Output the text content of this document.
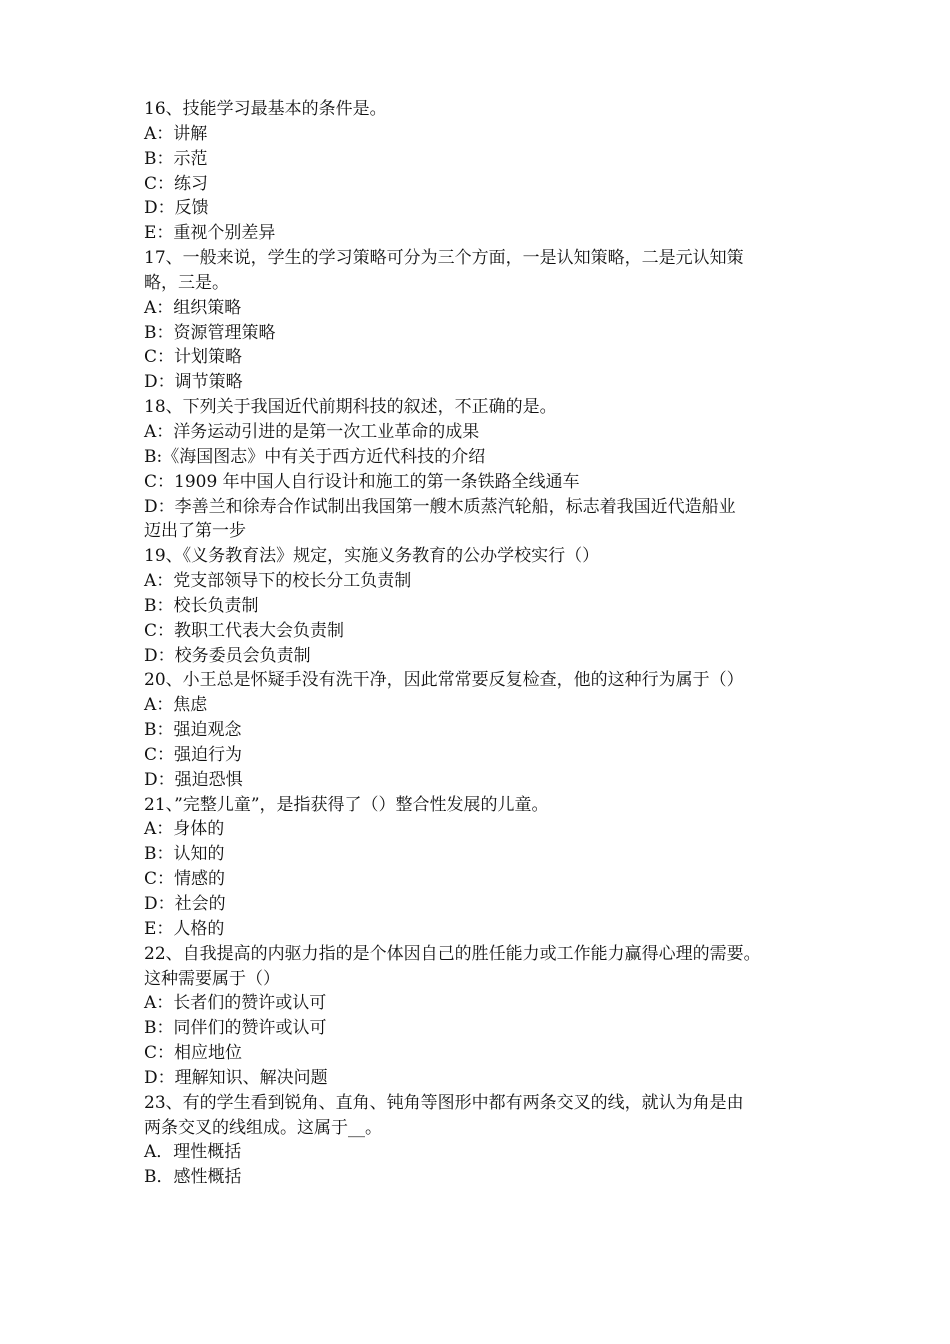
16、技能学习最基本的条件是。
A：讲解
B：示范
C：练习
D：反馈
E：重视个别差异
17、一般来说，学生的学习策略可分为三个方面，一是认知策略，二是元认知策
略，三是。
A：组织策略
B：资源管理策略
C：计划策略
D：调节策略
18、下列关于我国近代前期科技的叙述，不正确的是。
A：洋务运动引进的是第一次工业革命的成果
B:《海国图志》中有关于西方近代科技的介绍
C：1909 年中国人自行设计和施工的第一条铁路全线通车
D：李善兰和徐寿合作试制出我国第一艘木质蒸汽轮船，标志着我国近代造船业
迈出了第一步
19、《义务教育法》规定，实施义务教育的公办学校实行（）
A：党支部领导下的校长分工负责制
B：校长负责制
C：教职工代表大会负责制
D：校务委员会负责制
20、小王总是怀疑手没有洗干净，因此常常要反复检查，他的这种行为属于（）
A：焦虑
B：强迫观念
C：强迫行为
D：强迫恐惧
21、”完整儿童”，是指获得了（）整合性发展的儿童。
A：身体的
B：认知的
C：情感的
D：社会的
E：人格的
22、自我提高的内驱力指的是个体因自己的胜任能力或工作能力赢得心理的需要。
这种需要属于（）
A：长者们的赞许或认可
B：同伴们的赞许或认可
C：相应地位
D：理解知识、解决问题
23、有的学生看到锐角、直角、钝角等图形中都有两条交叉的线，就认为角是由
两条交叉的线组成。这属于__。
A．理性概括
B．感性概括
